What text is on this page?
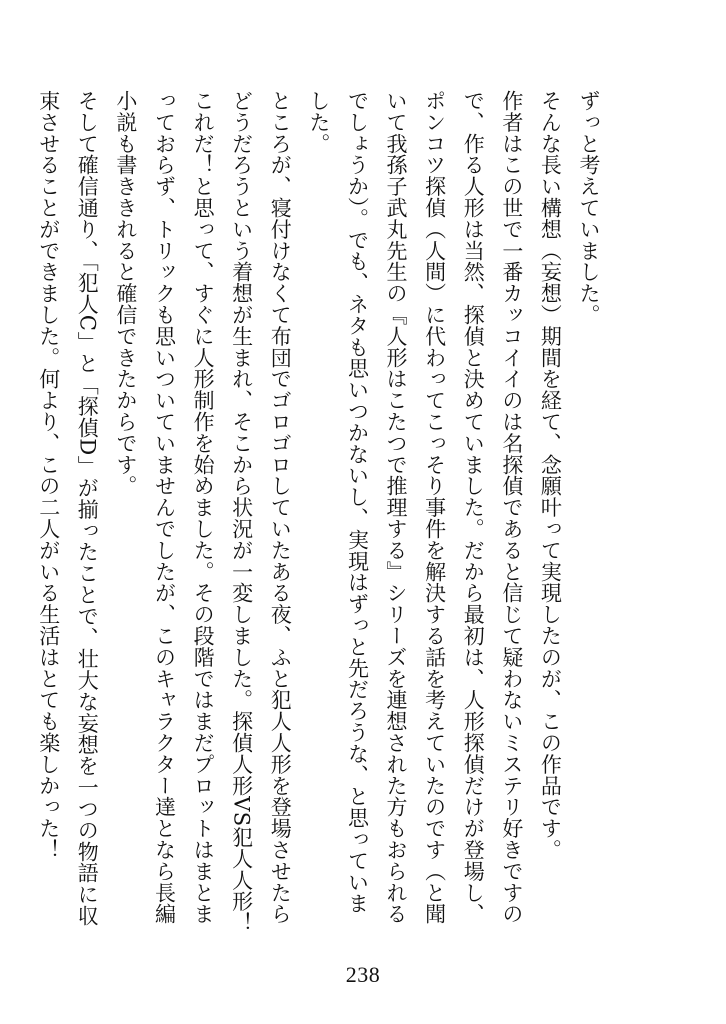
ずっと考えていました。

そんな長い構想（妄想）期間を経て、念願叶って実現したのが、この作品です。

作者はこの世で一番カッコイイのは名探偵であると信じて疑わないミステリ好きですので、作る人形は当然、探偵と決めていました。だから最初は、人形探偵だけが登場し、ポンコツ探偵（人間）に代わってこっそり事件を解決する話を考えていたのです（と聞いて我孫子武丸先生の『人形はこたつで推理する』シリーズを連想された方もおられるでしょうか）。でも、ネタも思いつかないし、実現はずっと先だろうな、と思っていました。

ところが、寝付けなくて布団でゴロゴロしていたある夜、ふと犯人人形を登場させたらどうだろうという着想が生まれ、そこから状況が一変しました。探偵人形VS犯人人形！これだ！と思って、すぐに人形制作を始めました。その段階ではまだプロットはまとまっておらず、トリックも思いついていませんでしたが、このキャラクター達となら長編小説も書ききれると確信できたからです。

そして確信通り、「犯人C」と「探偵D」が揃ったことで、壮大な妄想を一つの物語に収束させることができました。何より、この二人がいる生活はとても楽しかった！

238
